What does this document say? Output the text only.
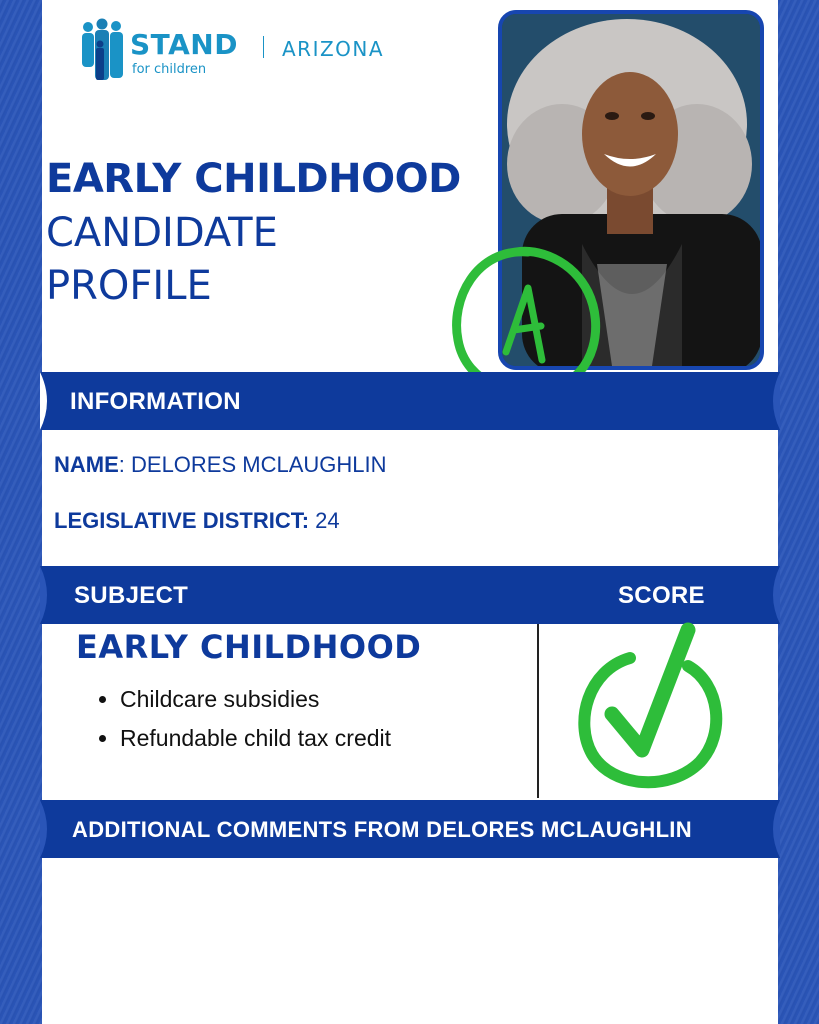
STAND
for children
ARIZONA
EARLY CHILDHOOD
CANDIDATE
PROFILE
INFORMATION
NAME: DELORES MCLAUGHLIN
LEGISLATIVE DISTRICT: 24
SUBJECT	SCORE
EARLY CHILDHOOD
• Childcare subsidies
• Refundable child tax credit
ADDITIONAL COMMENTS FROM DELORES MCLAUGHLIN
